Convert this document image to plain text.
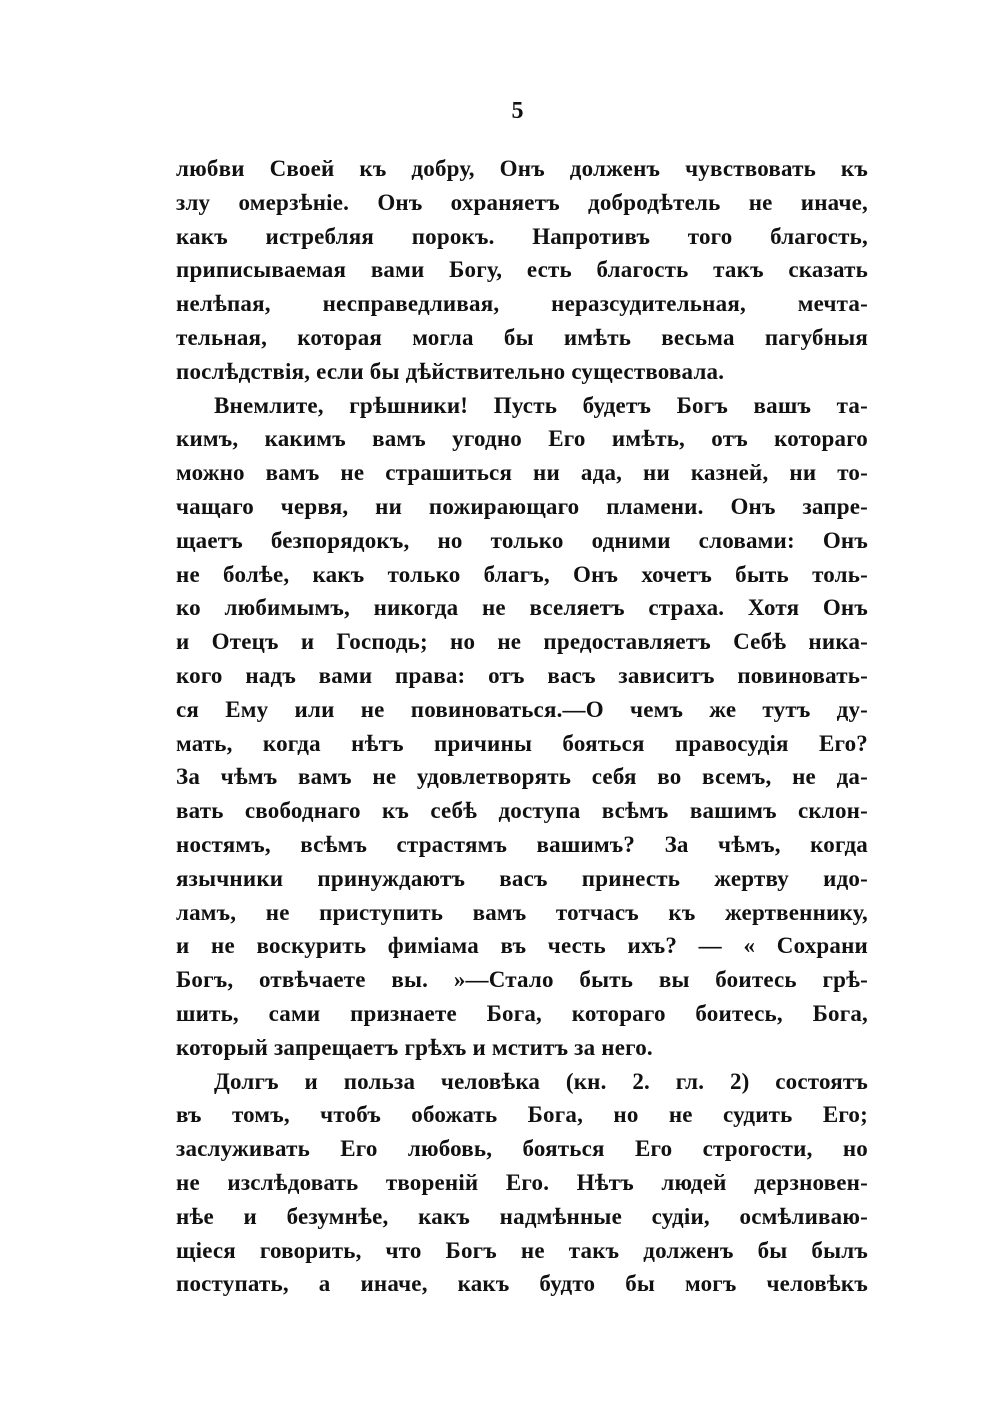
5
любви Своей къ добру, Онъ долженъ чувствовать къ
злу омерзѣніе. Онъ охраняетъ добродѣтель не иначе,
какъ истребляя порокъ. Напротивъ того благость,
приписываемая вами Богу, есть благость такъ сказать
нелѣпая, несправедливая, неразсудительная, мечта-
тельная, которая могла бы имѣть весьма пагубныя
послѣдствія, если бы дѣйствительно существовала.
Внемлите, грѣшники! Пусть будетъ Богъ вашъ та-
кимъ, какимъ вамъ угодно Его имѣть, отъ котораго
можно вамъ не страшиться ни ада, ни казней, ни то-
чащаго червя, ни пожирающаго пламени. Онъ запре-
щаетъ безпорядокъ, но только одними словами: Онъ
не болѣе, какъ только благъ, Онъ хочетъ быть толь-
ко любимымъ, никогда не вселяетъ страха. Хотя Онъ
и Отецъ и Господь; но не предоставляетъ Себѣ ника-
кого надъ вами права: отъ васъ зависитъ повиновать-
ся Ему или не повиноваться.—О чемъ же тутъ ду-
мать, когда нѣтъ причины бояться правосудія Его?
За чѣмъ вамъ не удовлетворять себя во всемъ, не да-
вать свободнаго къ себѣ доступа всѣмъ вашимъ склон-
ностямъ, всѣмъ страстямъ вашимъ? За чѣмъ, когда
язычники принуждаютъ васъ принесть жертву идо-
ламъ, не приступить вамъ тотчасъ къ жертвеннику,
и не воскурить фиміама въ честь ихъ? — « Сохрани
Богъ, отвѣчаете вы. »—Стало быть вы боитесь грѣ-
шить, сами признаете Бога, котораго боитесь, Бога,
который запрещаетъ грѣхъ и мститъ за него.
Долгъ и польза человѣка (кн. 2. гл. 2) состоятъ
въ томъ, чтобъ обожать Бога, но не судить Его;
заслуживать Его любовь, бояться Его строгости, но
не изслѣдовать твореній Его. Нѣтъ людей дерзновен-
нѣе и безумнѣе, какъ надмѣнные судіи, осмѣливаю-
щіеся говорить, что Богъ не такъ долженъ бы былъ
поступать, а иначе, какъ будто бы могъ человѣкъ
